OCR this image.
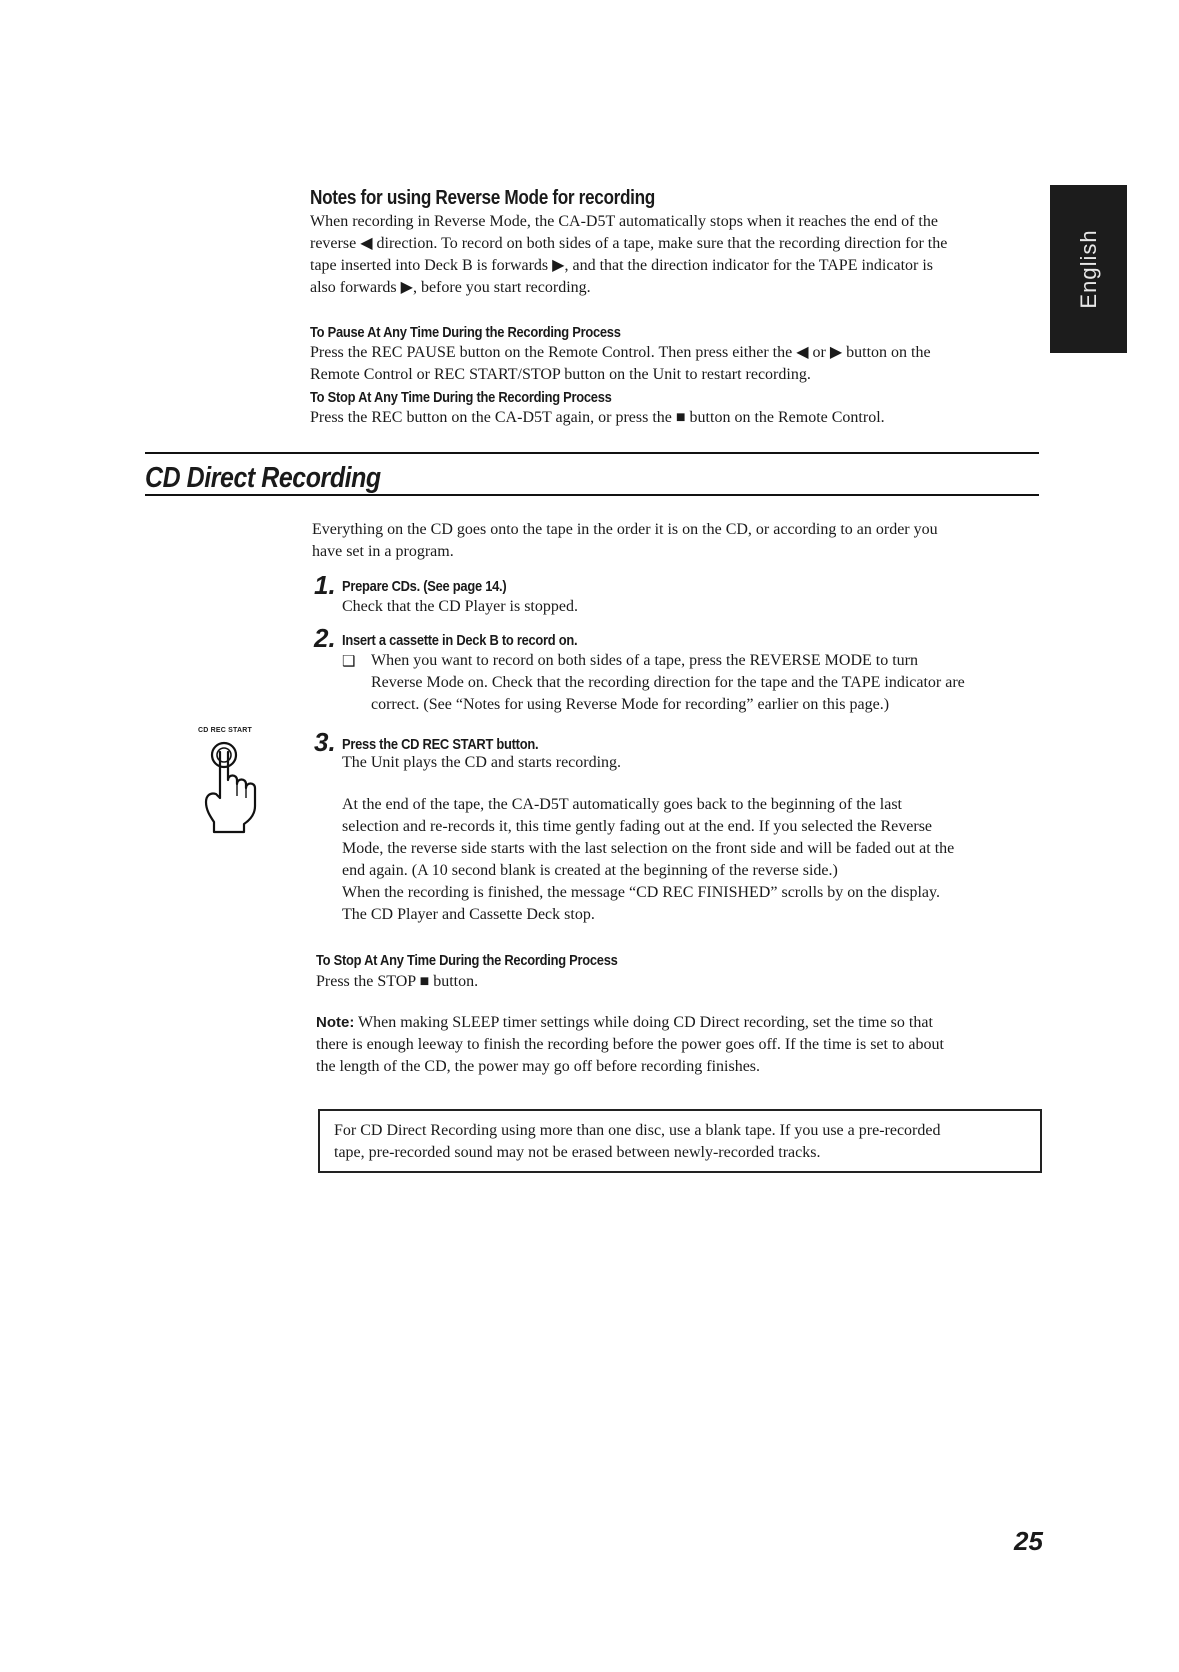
English
Notes for using Reverse Mode for recording
When recording in Reverse Mode, the CA-D5T automatically stops when it reaches the end of the
reverse ◀ direction. To record on both sides of a tape, make sure that the recording direction for the
tape inserted into Deck B is forwards ▶, and that the direction indicator for the TAPE indicator is
also forwards ▶, before you start recording.
To Pause At Any Time During the Recording Process
Press the REC PAUSE button on the Remote Control. Then press either the ◀ or ▶ button on the
Remote Control or REC START/STOP button on the Unit to restart recording.
To Stop At Any Time During the Recording Process
Press the REC button on the CA-D5T again, or press the ■ button on the Remote Control.
CD Direct Recording
Everything on the CD goes onto the tape in the order it is on the CD, or according to an order you
have set in a program.
1. Prepare CDs. (See page 14.)
Check that the CD Player is stopped.
2. Insert a cassette in Deck B to record on.
❑ When you want to record on both sides of a tape, press the REVERSE MODE to turn
Reverse Mode on. Check that the recording direction for the tape and the TAPE indicator are
correct. (See “Notes for using Reverse Mode for recording” earlier on this page.)
3. Press the CD REC START button.
The Unit plays the CD and starts recording.
CD REC START
At the end of the tape, the CA-D5T automatically goes back to the beginning of the last
selection and re-records it, this time gently fading out at the end. If you selected the Reverse
Mode, the reverse side starts with the last selection on the front side and will be faded out at the
end again. (A 10 second blank is created at the beginning of the reverse side.)
When the recording is finished, the message “CD REC FINISHED” scrolls by on the display.
The CD Player and Cassette Deck stop.
To Stop At Any Time During the Recording Process
Press the STOP ■ button.
Note: When making SLEEP timer settings while doing CD Direct recording, set the time so that
there is enough leeway to finish the recording before the power goes off. If the time is set to about
the length of the CD, the power may go off before recording finishes.
For CD Direct Recording using more than one disc, use a blank tape. If you use a pre-recorded
tape, pre-recorded sound may not be erased between newly-recorded tracks.
25
